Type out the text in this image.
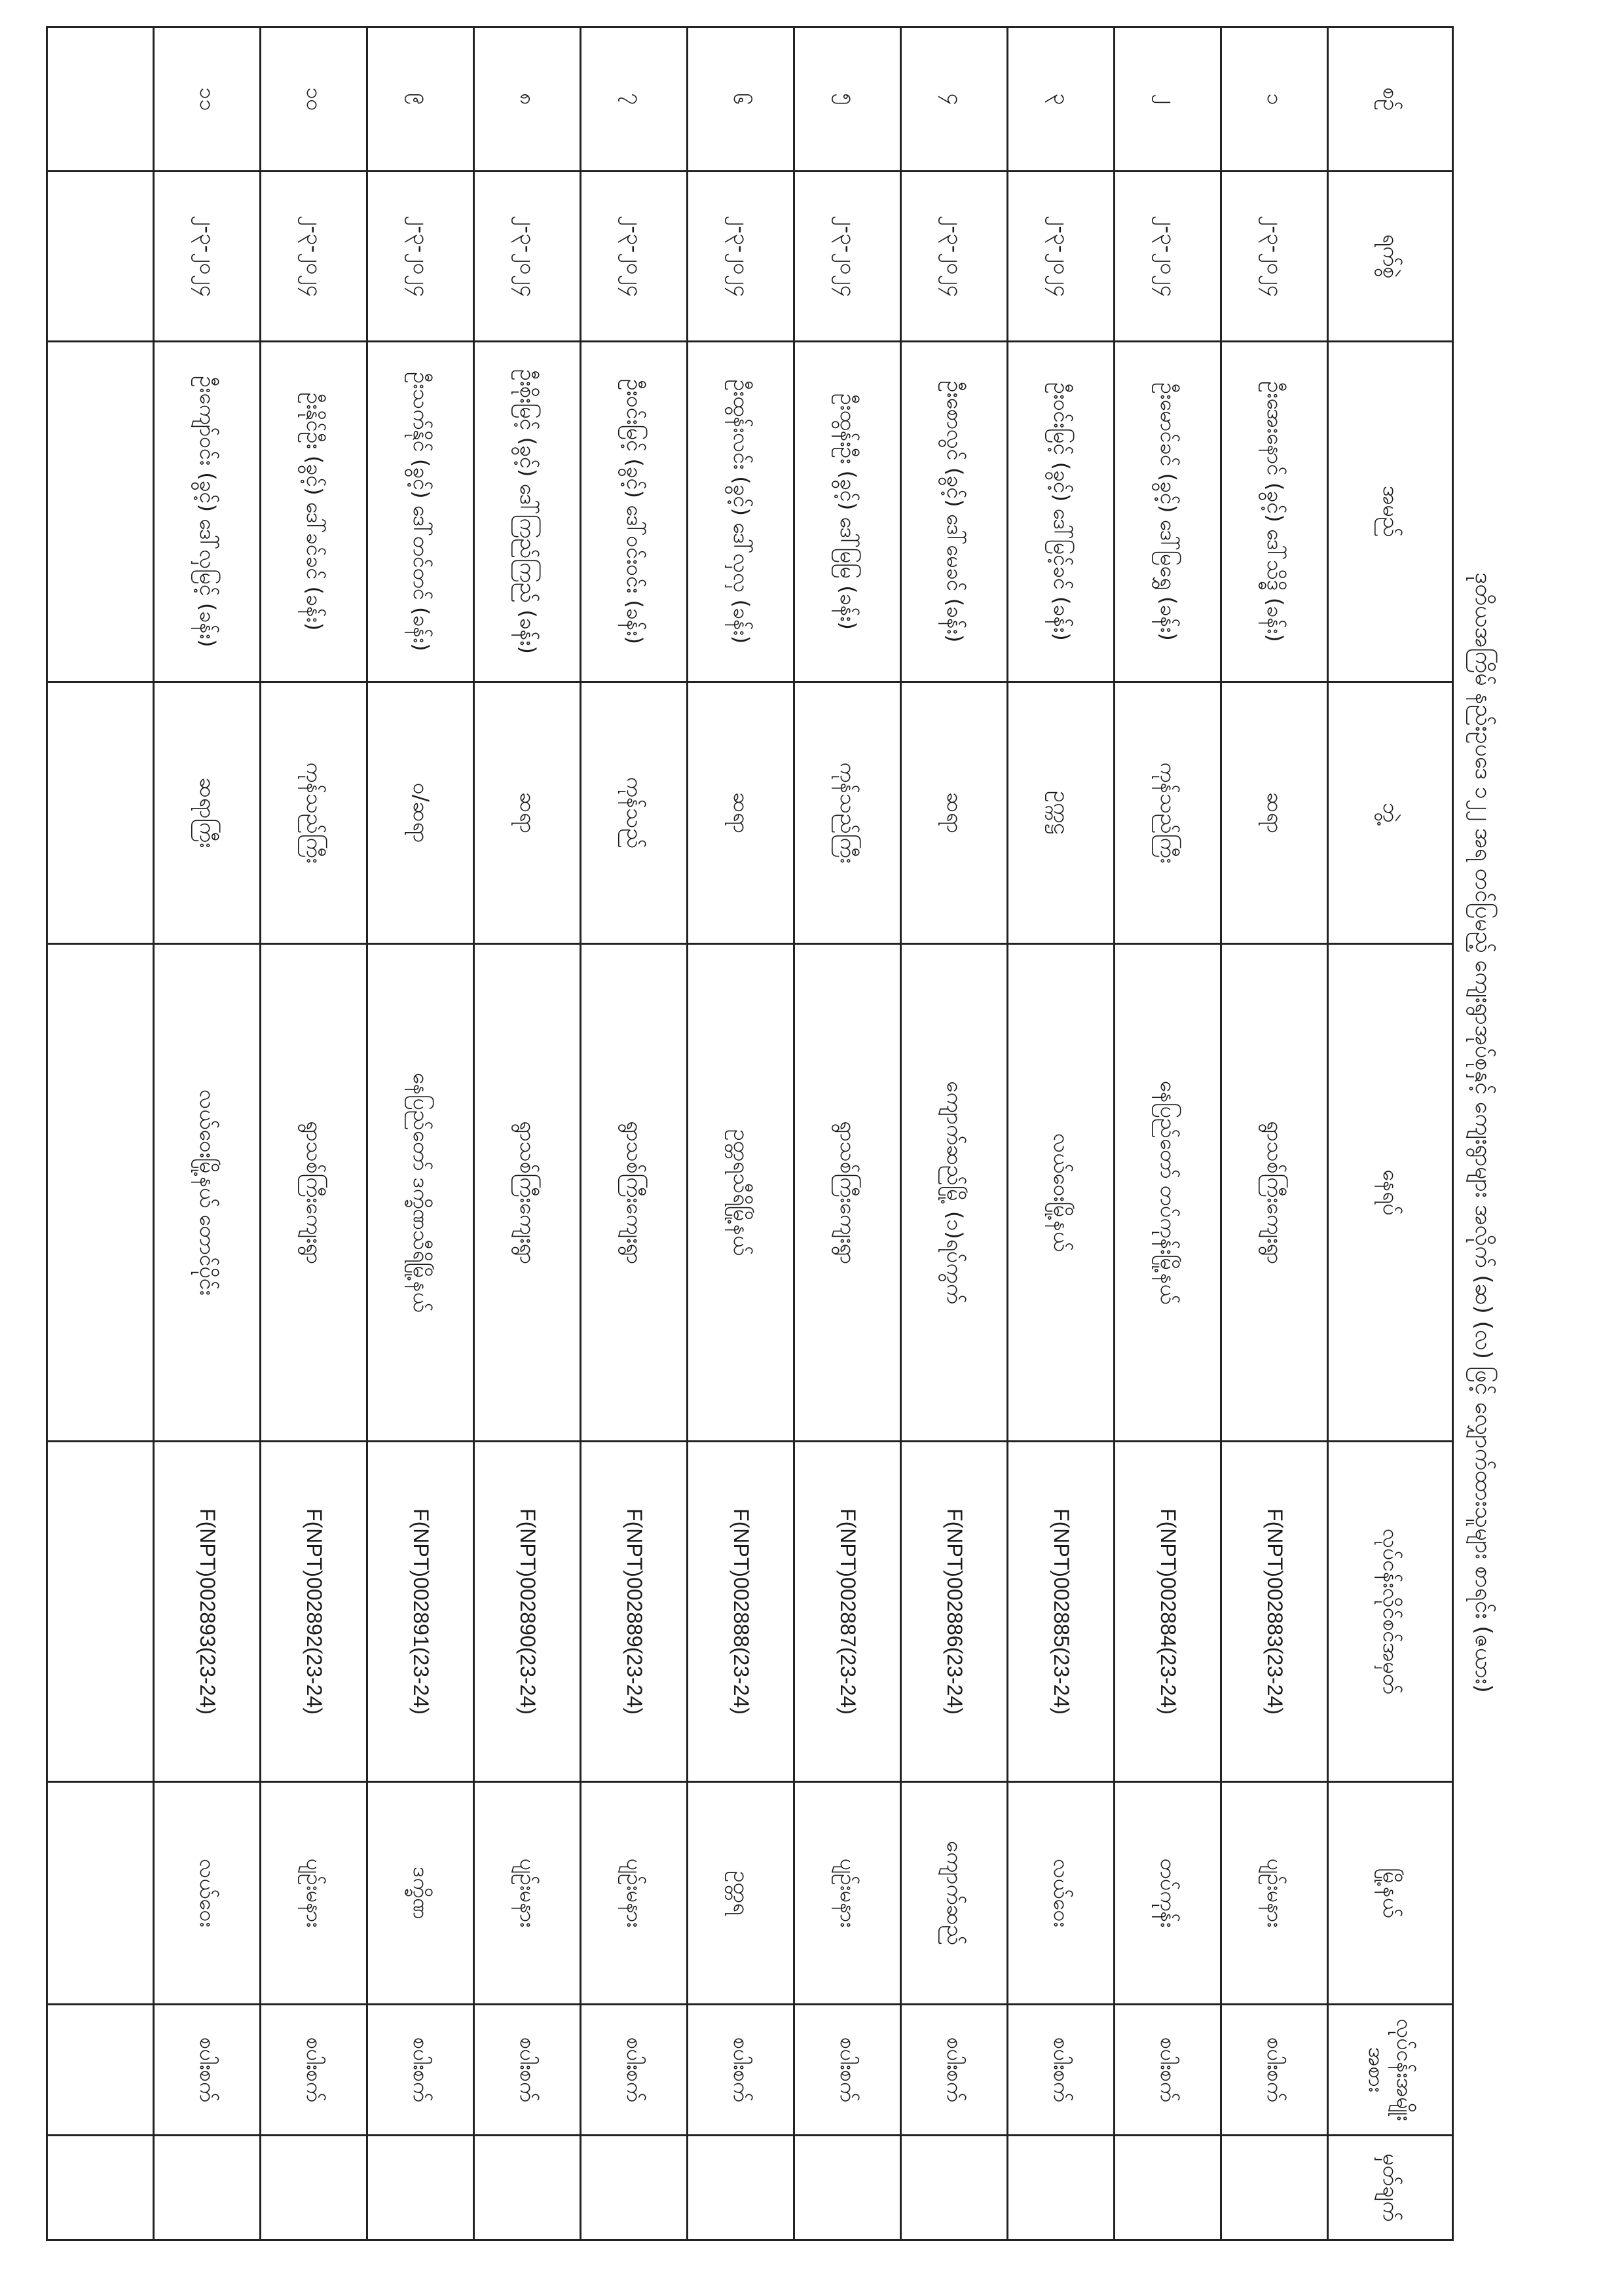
ဒုတိယအကြိမ် နည်းဥပဒေ ၁၂၂ အရ တင်ပြမည့် ကျေးရွာအုပ်စုနှင့် ကျေးရွာများ အလိုက် (ဆ) (လ) ဖြင့် လျှောက်ထားသူများ စာရင်း (ဇယား)
စဉ်	ရက်စွဲ	အမည်	ဘွဲ့	နေရပ်	လုပ်ငန်းလိုင်စင်အမှတ်	မြို့နယ်	လုပ်ငန်းအမျိုးအစား	မှတ်ချက်
၁	၂-၃-၂၀၂၄	ဦးအေးနောင် (ခွင့်) ဒေါ်သိဒ္ဓိ (ခန်း)	ဆရာ	ရွာသစ်ကြီးကျေးရွာ	F(NPT)002883(23-24)	ပျဉ်းမနား	စပါးစက်	
၂	၂-၃-၂၀၂၄	ဦးမောင်ခင် (ခွင့်) ဒေါ်မြရွှေ (ခန်း)	ကုန်သည်ကြီး	နေပြည်တော် တပ်ကုန်းမြို့နယ်	F(NPT)002884(23-24)	တပ်ကုန်း	စပါးစက်	
၃	၂-၃-၂၀၂၄	ဦးဝင်းမြင့် (ခွင့်) ဒေါ်မြင့်ခင် (ခန်း)	ဥက္ကဋ္ဌ	လယ်ဝေးမြို့နယ်	F(NPT)002885(23-24)	လယ်ဝေး	စပါးစက်	
၄	၂-၃-၂၀၂၄	ဦးစောလွင် (ခွင့်) ဒေါ်မေခင် (ခန်း)	ဆရာ	ကျောက်ဆည်မြို့ (၁)ရပ်ကွက်	F(NPT)002886(23-24)	ကျောက်ဆည်	စပါးစက်	
၅	၂-၃-၂၀၂၄	ဦးထွန်းဦး (ခွင့်) ဒေါ်မြမြ (ခန်း)	ကုန်သည်ကြီး	ရွာသစ်ကြီးကျေးရွာ	F(NPT)002887(23-24)	ပျဉ်းမနား	စပါးစက်	
၆	၂-၃-၂၀၂၄	ဦးထွန်းလင်း (ခွင့်) ဒေါ်လှလှ (ခန်း)	ဆရာ	ဥတ္တရသီရိမြို့နယ်	F(NPT)002888(23-24)	ဥတ္တရ	စပါးစက်	
၇	၂-၃-၂၀၂၄	ဦးဝင်းမြင့် (ခွင့်) ဒေါ်ဝင်းဝင်း (ခန်း)	ကုန်သည်	ရွာသစ်ကြီးကျေးရွာ	F(NPT)002889(23-24)	ပျဉ်းမနား	စပါးစက်	
၈	၂-၃-၂၀၂၄	ဦးစိုးမြင့် (ခွင့်) ဒေါ်ကြည်ကြည် (ခန်း)	ဆရာ	ရွာသစ်ကြီးကျေးရွာ	F(NPT)002890(23-24)	ပျဉ်းမနား	စပါးစက်	
၉	၂-၃-၂၀၂၄	ဦးသက်နိုင် (ခွင့်) ဒေါ်တင်တင် (ခန်း)	ဝ/ဆရာ	နေပြည်တော် ဒက္ခိဏသီရိမြို့နယ်	F(NPT)002891(23-24)	ဒက္ခိဏ	စပါးစက်	
၁၀	၂-၃-၂၀၂၄	ဦးနိုင်ဦး (ခွင့်) ဒေါ်ခင်ခင် (ခန်း)	ကုန်သည်ကြီး	ရွာသစ်ကြီးကျေးရွာ	F(NPT)002892(23-24)	ပျဉ်းမနား	စပါးစက်	
၁၁	၂-၃-၂၀၂၄	ဦးကျော်ဝင်း (ခွင့်) ဒေါ်လှမြင့် (ခန်း)	ဆရာကြီး	လယ်ဝေးမြို့နယ် တောင်ပိုင်း	F(NPT)002893(23-24)	လယ်ဝေး	စပါးစက်	
